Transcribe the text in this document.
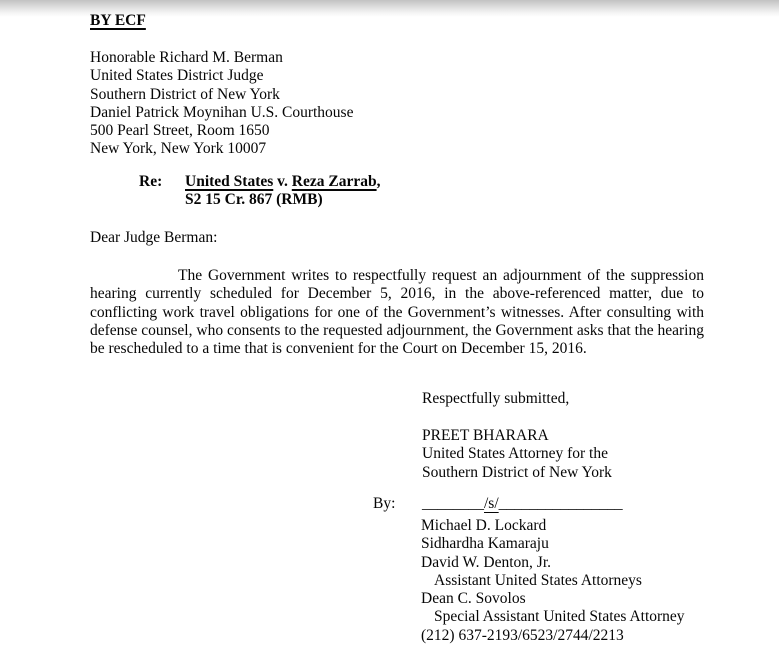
BY ECF
Honorable Richard M. Berman
United States District Judge
Southern District of New York
Daniel Patrick Moynihan U.S. Courthouse
500 Pearl Street, Room 1650
New York, New York 10007
Re: United States v. Reza Zarrab,
S2 15 Cr. 867 (RMB)
Dear Judge Berman:
The Government writes to respectfully request an adjournment of the suppression
hearing currently scheduled for December 5, 2016, in the above-referenced matter, due to
conflicting work travel obligations for one of the Government’s witnesses. After consulting with
defense counsel, who consents to the requested adjournment, the Government asks that the hearing
be rescheduled to a time that is convenient for the Court on December 15, 2016.
Respectfully submitted,
PREET BHARARA
United States Attorney for the
Southern District of New York
By: ________/s/________________
Michael D. Lockard
Sidhardha Kamaraju
David W. Denton, Jr.
Assistant United States Attorneys
Dean C. Sovolos
Special Assistant United States Attorney
(212) 637-2193/6523/2744/2213
